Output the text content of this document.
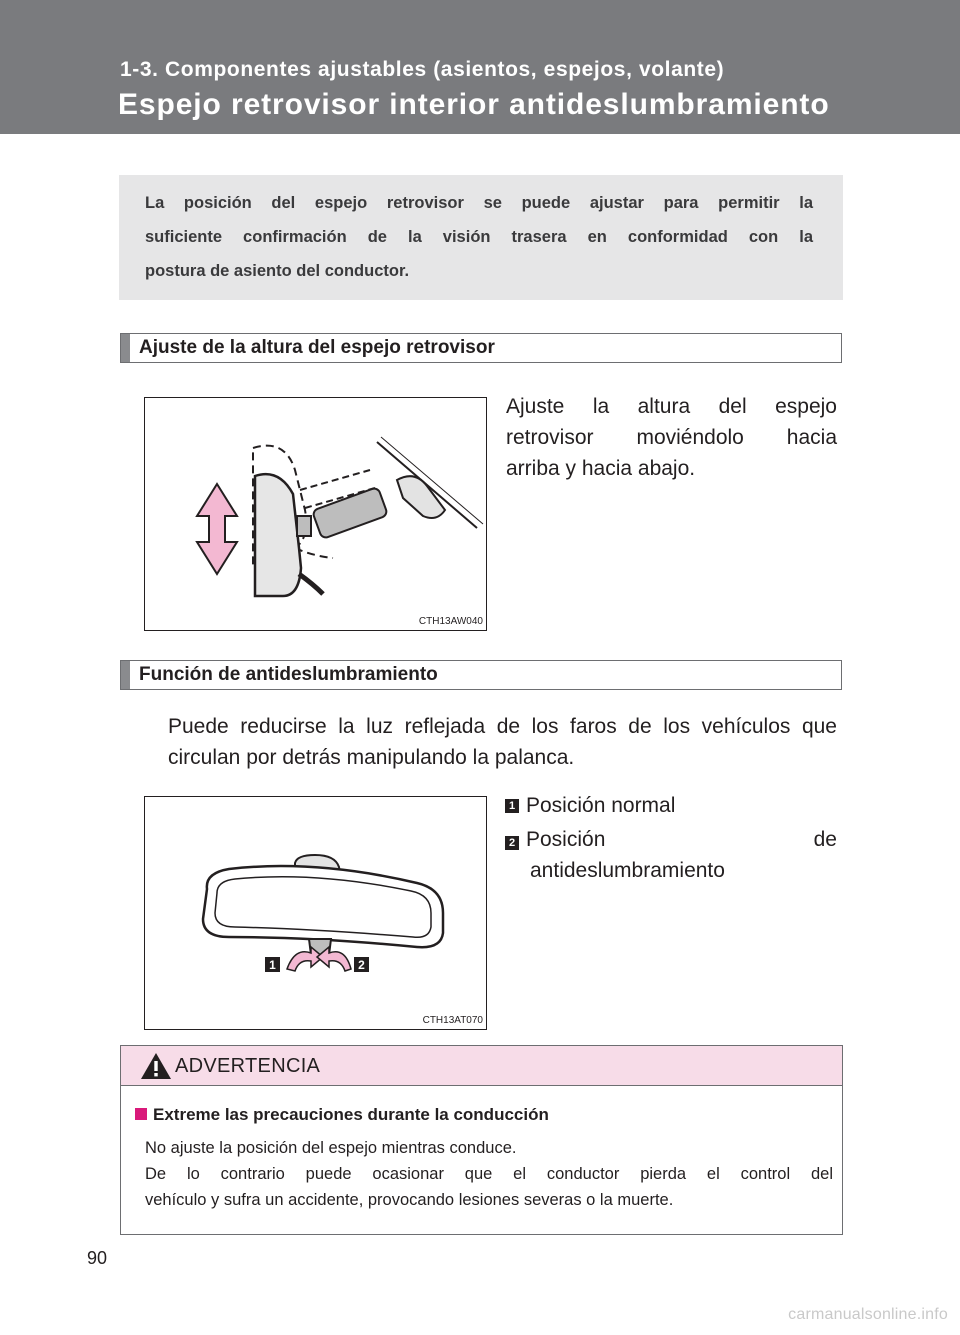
1-3. Componentes ajustables (asientos, espejos, volante)
Espejo retrovisor interior antideslumbramiento
La posición del espejo retrovisor se puede ajustar para permitir la
suficiente confirmación de la visión trasera en conformidad con la
postura de asiento del conductor.
Ajuste de la altura del espejo retrovisor
CTH13AW040
Ajuste la altura del espejo
retrovisor moviéndolo hacia
arriba y hacia abajo.
Función de antideslumbramiento
Puede reducirse la luz reflejada de los faros de los vehículos que
circulan por detrás manipulando la palanca.
1	2
CTH13AT070
1 Posición normal
2 Posición de
antideslumbramiento
ADVERTENCIA
Extreme las precauciones durante la conducción
No ajuste la posición del espejo mientras conduce.
De lo contrario puede ocasionar que el conductor pierda el control del
vehículo y sufra un accidente, provocando lesiones severas o la muerte.
90
carmanualsonline.info
